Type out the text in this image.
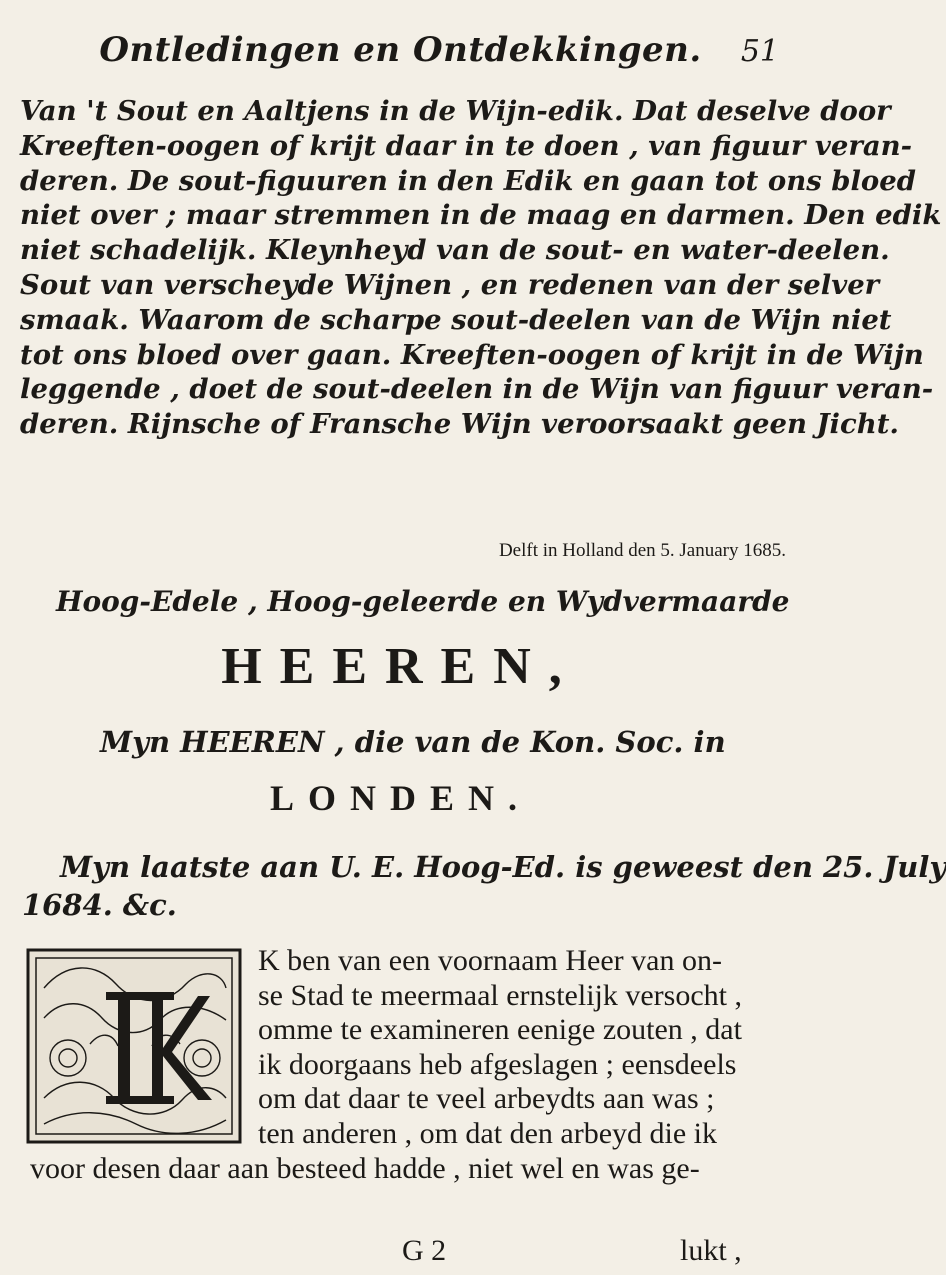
Ontledingen en Ontdekkingen.	51
Van 't Sout en Aaltjens in de Wijn-edik. Dat deselve door
Kreeften-oogen of krijt daar in te doen , van figuur veran-
deren. De sout-figuuren in den Edik en gaan tot ons bloed
niet over ; maar stremmen in de maag en darmen. Den edik
niet schadelijk. Kleynheyd van de sout- en water-deelen.
Sout van verscheyde Wijnen , en redenen van der selver
smaak. Waarom de scharpe sout-deelen van de Wijn niet
tot ons bloed over gaan. Kreeften-oogen of krijt in de Wijn
leggende , doet de sout-deelen in de Wijn van figuur veran-
deren. Rijnsche of Fransche Wijn veroorsaakt geen Jicht.
Delft in Holland den 5. January 1685.
Hoog-Edele , Hoog-geleerde en Wydvermaarde
HEEREN,
Myn HEEREN , die van de Kon. Soc. in
LONDEN.
Myn laatste aan U. E. Hoog-Ed. is geweest den 25. July
1684. &c.
K ben van een voornaam Heer van on-
se Stad te meermaal ernstelijk versocht ,
omme te examineren eenige zouten , dat
ik doorgaans heb afgeslagen ; eensdeels
om dat daar te veel arbeydts aan was ;
ten anderen , om dat den arbeyd die ik
voor desen daar aan besteed hadde , niet wel en was ge-
G 2	lukt ,
